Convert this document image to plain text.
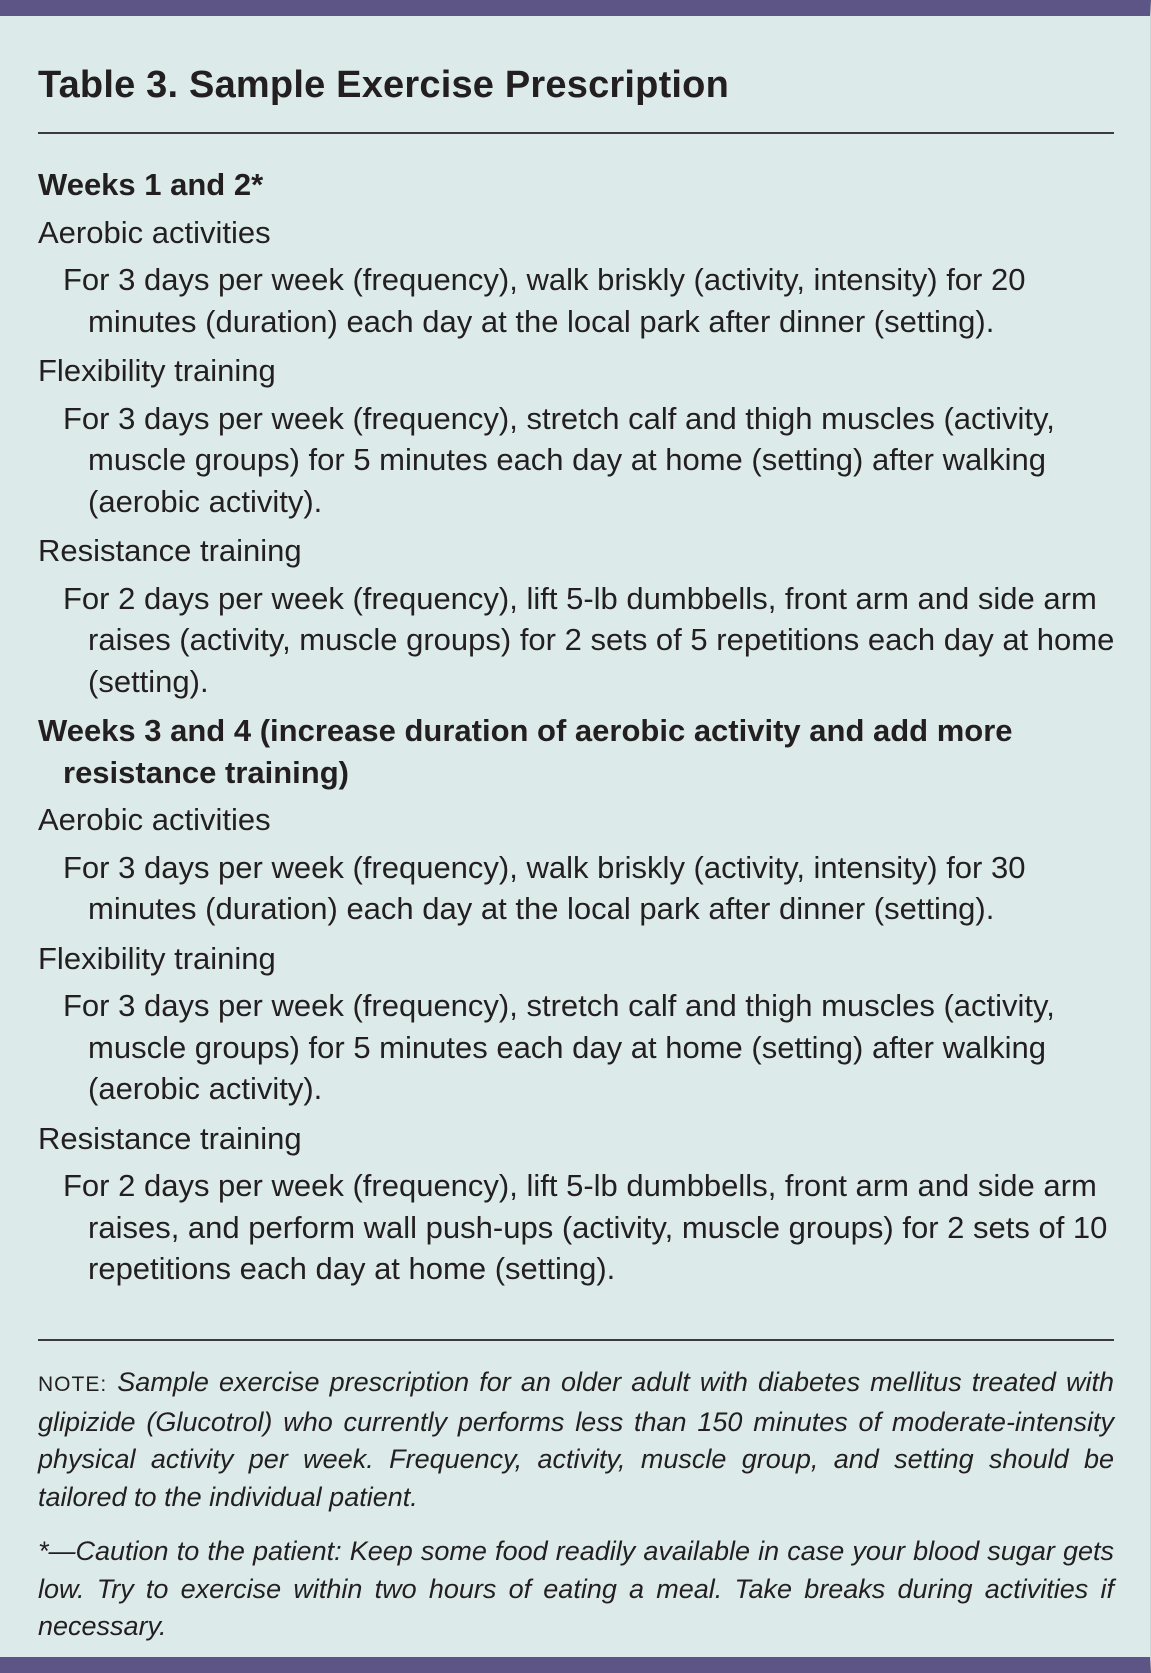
Table 3. Sample Exercise Prescription
Weeks 1 and 2*
Aerobic activities
For 3 days per week (frequency), walk briskly (activity, intensity) for 20 minutes (duration) each day at the local park after dinner (setting).
Flexibility training
For 3 days per week (frequency), stretch calf and thigh muscles (activity, muscle groups) for 5 minutes each day at home (setting) after walking (aerobic activity).
Resistance training
For 2 days per week (frequency), lift 5-lb dumbbells, front arm and side arm raises (activity, muscle groups) for 2 sets of 5 repetitions each day at home (setting).
Weeks 3 and 4 (increase duration of aerobic activity and add more resistance training)
Aerobic activities
For 3 days per week (frequency), walk briskly (activity, intensity) for 30 minutes (duration) each day at the local park after dinner (setting).
Flexibility training
For 3 days per week (frequency), stretch calf and thigh muscles (activity, muscle groups) for 5 minutes each day at home (setting) after walking (aerobic activity).
Resistance training
For 2 days per week (frequency), lift 5-lb dumbbells, front arm and side arm raises, and perform wall push-ups (activity, muscle groups) for 2 sets of 10 repetitions each day at home (setting).

NOTE: Sample exercise prescription for an older adult with diabetes mellitus treated with glipizide (Glucotrol) who currently performs less than 150 minutes of moderate-intensity physical activity per week. Frequency, activity, muscle group, and setting should be tailored to the individual patient.

*—Caution to the patient: Keep some food readily available in case your blood sugar gets low. Try to exercise within two hours of eating a meal. Take breaks during activities if necessary.
